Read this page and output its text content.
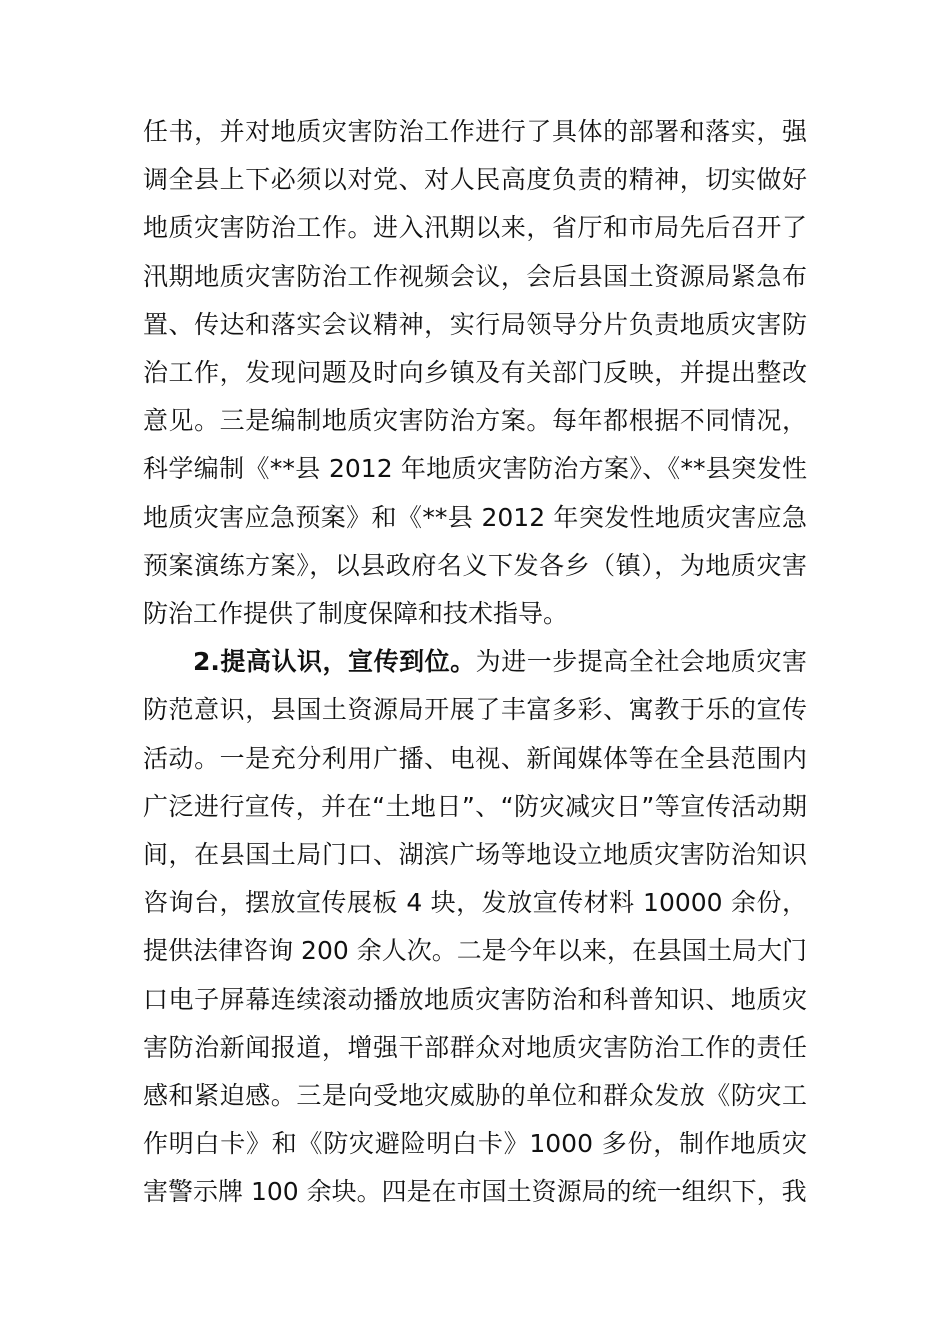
任书，并对地质灾害防治工作进行了具体的部署和落实，强调全县上下必须以对党、对人民高度负责的精神，切实做好地质灾害防治工作。进入汛期以来，省厅和市局先后召开了汛期地质灾害防治工作视频会议，会后县国土资源局紧急布置、传达和落实会议精神，实行局领导分片负责地质灾害防治工作，发现问题及时向乡镇及有关部门反映，并提出整改意见。三是编制地质灾害防治方案。每年都根据不同情况，科学编制《**县 2012 年地质灾害防治方案》、《**县突发性地质灾害应急预案》和《**县 2012 年突发性地质灾害应急预案演练方案》，以县政府名义下发各乡（镇），为地质灾害防治工作提供了制度保障和技术指导。

2.提高认识，宣传到位。为进一步提高全社会地质灾害防范意识，县国土资源局开展了丰富多彩、寓教于乐的宣传活动。一是充分利用广播、电视、新闻媒体等在全县范围内广泛进行宣传，并在“土地日”、“防灾减灾日”等宣传活动期间，在县国土局门口、湖滨广场等地设立地质灾害防治知识咨询台，摆放宣传展板 4 块，发放宣传材料 10000 余份，提供法律咨询 200 余人次。二是今年以来，在县国土局大门口电子屏幕连续滚动播放地质灾害防治和科普知识、地质灾害防治新闻报道，增强干部群众对地质灾害防治工作的责任感和紧迫感。三是向受地灾威胁的单位和群众发放《防灾工作明白卡》和《防灾避险明白卡》1000 多份，制作地质灾害警示牌 100 余块。四是在市国土资源局的统一组织下，我
